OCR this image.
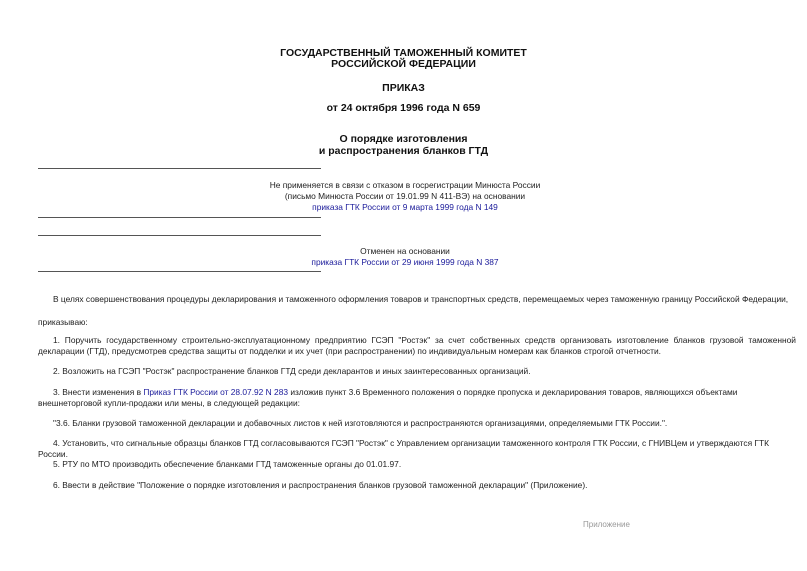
ГОСУДАРСТВЕННЫЙ ТАМОЖЕННЫЙ КОМИТЕТ
РОССИЙСКОЙ ФЕДЕРАЦИИ
ПРИКАЗ
от 24 октября 1996 года N 659
О порядке изготовления
и распространения бланков ГТД
Не применяется в связи с отказом в госрегистрации Минюста России
(письмо Минюста России от 19.01.99 N 411-ВЭ) на основании
приказа ГТК России от 9 марта 1999 года N 149
Отменен на основании
приказа ГТК России от 29 июня 1999 года N 387
В целях совершенствования процедуры декларирования и таможенного оформления товаров и транспортных средств, перемещаемых через таможенную границу Российской Федерации,
приказываю:
1. Поручить государственному строительно-эксплуатационному предприятию ГСЭП "Ростэк" за счет собственных средств организовать изготовление бланков грузовой таможенной декларации (ГТД), предусмотрев средства защиты от подделки и их учет (при распространении) по индивидуальным номерам как бланков строгой отчетности.
2. Возложить на ГСЭП "Ростэк" распространение бланков ГТД среди декларантов и иных заинтересованных организаций.
3. Внести изменения в Приказ ГТК России от 28.07.92 N 283 изложив пункт 3.6 Временного положения о порядке пропуска и декларирования товаров, являющихся объектами внешнеторговой купли-продажи или мены, в следующей редакции:
"3.6. Бланки грузовой таможенной декларации и добавочных листов к ней изготовляются и распространяются организациями, определяемыми ГТК России.".
4. Установить, что сигнальные образцы бланков ГТД согласовываются ГСЭП "Ростэк" с Управлением организации таможенного контроля ГТК России, с ГНИВЦем и утверждаются ГТК России.
5. РТУ по МТО производить обеспечение бланками ГТД таможенные органы до 01.01.97.
6. Ввести в действие "Положение о порядке изготовления и распространения бланков грузовой таможенной декларации" (Приложение).
Приложение
